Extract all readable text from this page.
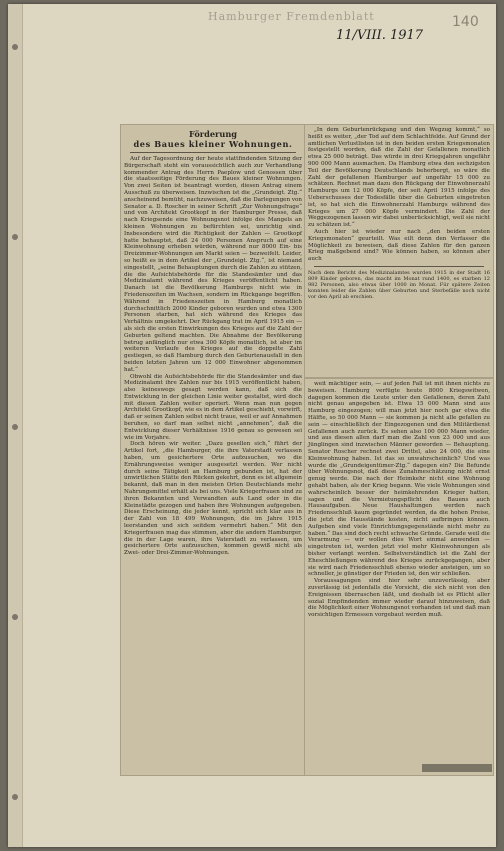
Hamburger Fremdenblatt	140
11/VIII. 1917
Förderung
des Baues kleiner Wohnungen.

Auf der Tagesordnung der heute stattfindenden Sitzung der Bürgerschaft steht ein voraussichtlich auch zur Verhandlung kommender Antrag des Herrn Paeplow und Genossen über die staatsseitige Förderung des Baues kleiner Wohnungen. Von zwei Seiten ist beantragt worden, diesen Antrag einem Ausschuß zu überweisen. Inzwischen ist die „Grundeigt. Ztg.“ anscheinend bemüht, nachzuweisen, daß die Darlegungen von Senator a. D. Roscher in seiner Schrift „Zur Wohnungsfrage“ und von Architekt Grootkopf in der Hamburger Presse, daß nach Kriegsende eine Wohnungsnot infolge des Mangels an kleinen Wohnungen zu befürchten sei, unrichtig sind. Insbesondere wird die Richtigkeit der Zahlen — Grootkopf hatte behauptet, daß 24 000 Personen Anspruch auf eine Kleinwohnung erheben würden, während nur 8000 Ein- bis Dreizimmer-Wohnungen am Markt seien — bezweifelt. Leider, so heißt es in dem Artikel der „Grundeigt. Ztg.“, ist niemand eingestellt, „seine Behauptungen durch die Zahlen zu stützen, die die Aufsichtsbehörde für die Standesämter und das Medizinalamt während des Krieges veröffentlicht haben. Danach ist die Bevölkerung Hamburgs nicht wie in Friedenszeiten im Wachsen, sondern im Rückgange begriffen. Während in Friedenszeiten in Hamburg monatlich durchschnittlich 2000 Kinder geboren wurden und etwa 1300 Personen starben, hat sich während des Krieges das Verhältnis umgekehrt. Der Rückgang trat im April 1915 ein — als sich die ersten Einwirkungen des Krieges auf die Zahl der Geburten geltend machten. Die Abnahme der Bevölkerung betrug anfänglich nur etwa 300 Köpfe monatlich, ist aber im weiteren Verlaufe des Krieges auf die doppelte Zahl gestiegen, so daß Hamburg durch den Geburtenausfall in den beiden letzten Jahren um 12 000 Einwohner abgenommen hat.“

Obwohl die Aufsichtsbehörde für die Standesämter und das Medizinalamt ihre Zahlen nur bis 1915 veröffentlicht haben, also keineswegs gesagt werden kann, daß sich die Entwicklung in der gleichen Linie weiter gestaltet, wird doch mit diesen Zahlen weiter operiert. Wenn man nun gegen Architekt Grootkopf, wie es in dem Artikel geschieht, vorwirft, daß er seinen Zahlen selbst nicht traue, weil er auf Annahmen beruhen, so darf man selbst nicht „annehmen“, daß die Entwicklung dieser Verhältnisse 1916 genau so gewesen sei wie im Vorjahre.

Doch hören wir weiter. „Dazu gesellen sich,“ führt der Artikel fort, „die Hamburger, die ihre Vaterstadt verlassen haben, um gesichertere Orte aufzusuchen, wo die Ernährungsweise weniger ausgesetzt werden. Wer nicht durch seine Tätigkeit an Hamburg gebunden ist, hat der unwirtlichen Stätte den Rücken gekehrt, denn es ist allgemein bekannt, daß man in den meisten Orten Deutschlands mehr Nahrungsmittel erhält als bei uns. Viele Kriegerfrauen sind zu ihren Bekannten und Verwandten aufs Land oder in die Kleinstädte gezogen und haben ihre Wohnungen aufgegeben. Diese Erscheinung, die jeder kennt, spricht sich klar aus in der Zahl von 18 499 Wohnungen, die im Jahre 1915 leerstanden und sich seitdem vermehrt haben.“ Mit den Kriegerfrauen mag das stimmen, aber die andern Hamburger, die in der Lage waren, ihre Vaterstadt zu verlassen, um gesichertere Orte aufzusuchen, kommen gewiß nicht als Zwei- oder Drei-Zimmer-Wohnungen.

„In dem Geburtenrückgang und den Wegzug kommt,“ so heißt es weiter, „der Tod auf dem Schlachtfelde. Auf Grund der amtlichen Verlustlisten ist in den beiden ersten Kriegsmonaten festgestellt worden, daß die Zahl der Gefallenen monatlich etwa 25 000 beträgt. Das würde in drei Kriegsjahren ungefähr 900 000 Mann ausmachen. Da Hamburg etwa den sechzigsten Teil der Bevölkerung Deutschlands beherbergt, so wäre die Zahl der gefallenen Hamburger auf ungefähr 15 000 zu schätzen. Rechnet man dazu den Rückgang der Einwohnerzahl Hamburgs um 12 000 Köpfe, der seit April 1915 infolge des Ueberschusses der Todesfälle über die Geburten eingetreten ist, so hat sich die Einwohnerzahl Hamburgs während des Krieges um 27 000 Köpfe vermindert. Die Zahl der Weggezogenen lassen wir dabei unberücksichtigt, weil sie nicht zu schätzen ist.“

Auch hier ist wieder nur nach „den beiden ersten Kriegsmonaten“ geurteilt. Was eilt denn den Verfasser die Möglichkeit zu beweisen, daß diese Zahlen für den ganzen Krieg maßgebend sind? Wie können haben, so können aber auch

Nach dem Bericht des Medizinalamtes wurden 1915 in der Stadt 16 809 Kinder geboren, das macht im Monat rund 1400, es starben 12 982 Personen, also etwas über 1000 im Monat. Für spätere Zeiten konnten leider die Zahlen über Geburten und Sterbefälle noch nicht vor den April ab erschien.

weit mächtiger sein, — auf jeden Fall ist mit ihnen nichts zu beweisen. Hamburg verfügte heute 8000 Kriegswitwen, dagegen kommen die Leute unter den Gefallenen, deren Zahl nicht genau angegeben ist. Etwa 15 000 Mann sind aus Hamburg eingezogen; will man jetzt hier noch gar etwa die Hälfte, so 50 000 Mann — sie kommen ja nicht alle gefallen zu sein — einschließlich der Eingezogenen und den Militärdienst Gefallenen auch zurück. Es sehen also 100 000 Mann wieder, und aus diesen allen darf man die Zahl von 23 000 und aus Jünglingen sind inzwischen Männer geworden — Behauptung. Senator Roscher rechnet zwei Drittel, also 24 000, die eine Kleinwohnung haben. Ist das so unwahrscheinlich? Und was wurde die „Grundeigentümer-Ztg.“ dagegen ein? Die Befunde über Wohnungsnot, daß diese Zunahmeschätzung nicht ernst genug werde. Die nach der Heimkehr nicht eine Wohnung gehabt haben, als der Krieg begann. Wie viele Wohnungen sind wahrscheinlich besser der heimkehrenden Krieger hatten, sagen und die Vermietungspflicht des Bauens auch Hausaufgaben. Neue Haushaltungen werden nach Friedensschluß kaum gegründet werden, da die hohen Preise, die jetzt die Hausstände kosten, nicht aufbringen können. Aufgeben sind viele Einrichtungsgegenstände nicht mehr zu haben.“ Das sind doch recht schwache Gründe. Gerade weil die Verarmung — wir wollen dies Wort einmal anwenden — eingetreten ist, werden jetzt viel mehr Kleinwohnungen als bisher verlangt werden. Selbstverständlich ist die Zahl der Eheschließungen während des Krieges zurückgegangen, aber sie wird nach Friedensschluß ebenso wieder ansteigen, um so schneller, je günstiger der Frieden ist, den wir schließen.

Voraussagungen sind hier sehr unzuverlässig, aber zuverlässig ist jedenfalls die Vorsicht, die sich nicht von den Ereignissen überraschen läßt, und deshalb ist es Pflicht aller sozial Empfindenden immer wieder darauf hinzuweisen, daß die Möglichkeit einer Wohnungsnot vorhanden ist und daß man vorsichtigen Ermessen vorgebaut werden muß.
